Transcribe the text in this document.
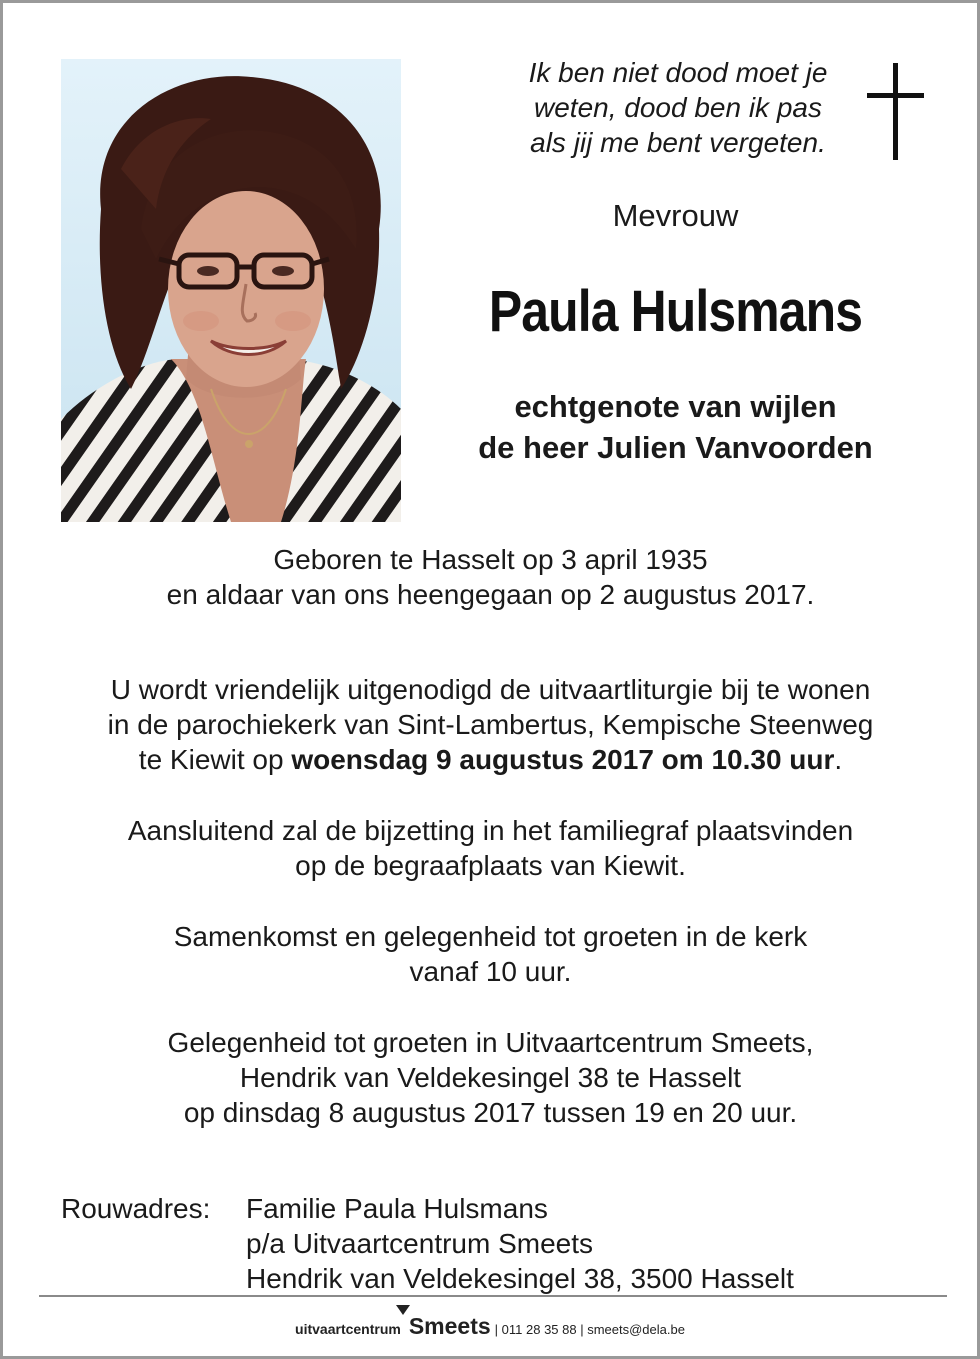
Ik ben niet dood moet je
weten, dood ben ik pas
als jij me bent vergeten.
Mevrouw
Paula Hulsmans
echtgenote van wijlen
de heer Julien Vanvoorden
Geboren te Hasselt op 3 april 1935
en aldaar van ons heengegaan op 2 augustus 2017.
U wordt vriendelijk uitgenodigd de uitvaartliturgie bij te wonen
in de parochiekerk van Sint-Lambertus, Kempische Steenweg
te Kiewit op woensdag 9 augustus 2017 om 10.30 uur.
Aansluitend zal de bijzetting in het familiegraf plaatsvinden
op de begraafplaats van Kiewit.
Samenkomst en gelegenheid tot groeten in de kerk
vanaf 10 uur.
Gelegenheid tot groeten in Uitvaartcentrum Smeets,
Hendrik van Veldekesingel 38 te Hasselt
op dinsdag 8 augustus 2017 tussen 19 en 20 uur.
Rouwadres:	Familie Paula Hulsmans
p/a Uitvaartcentrum Smeets
Hendrik van Veldekesingel 38, 3500 Hasselt
uitvaartcentrum Smeets | 011 28 35 88 | smeets@dela.be
